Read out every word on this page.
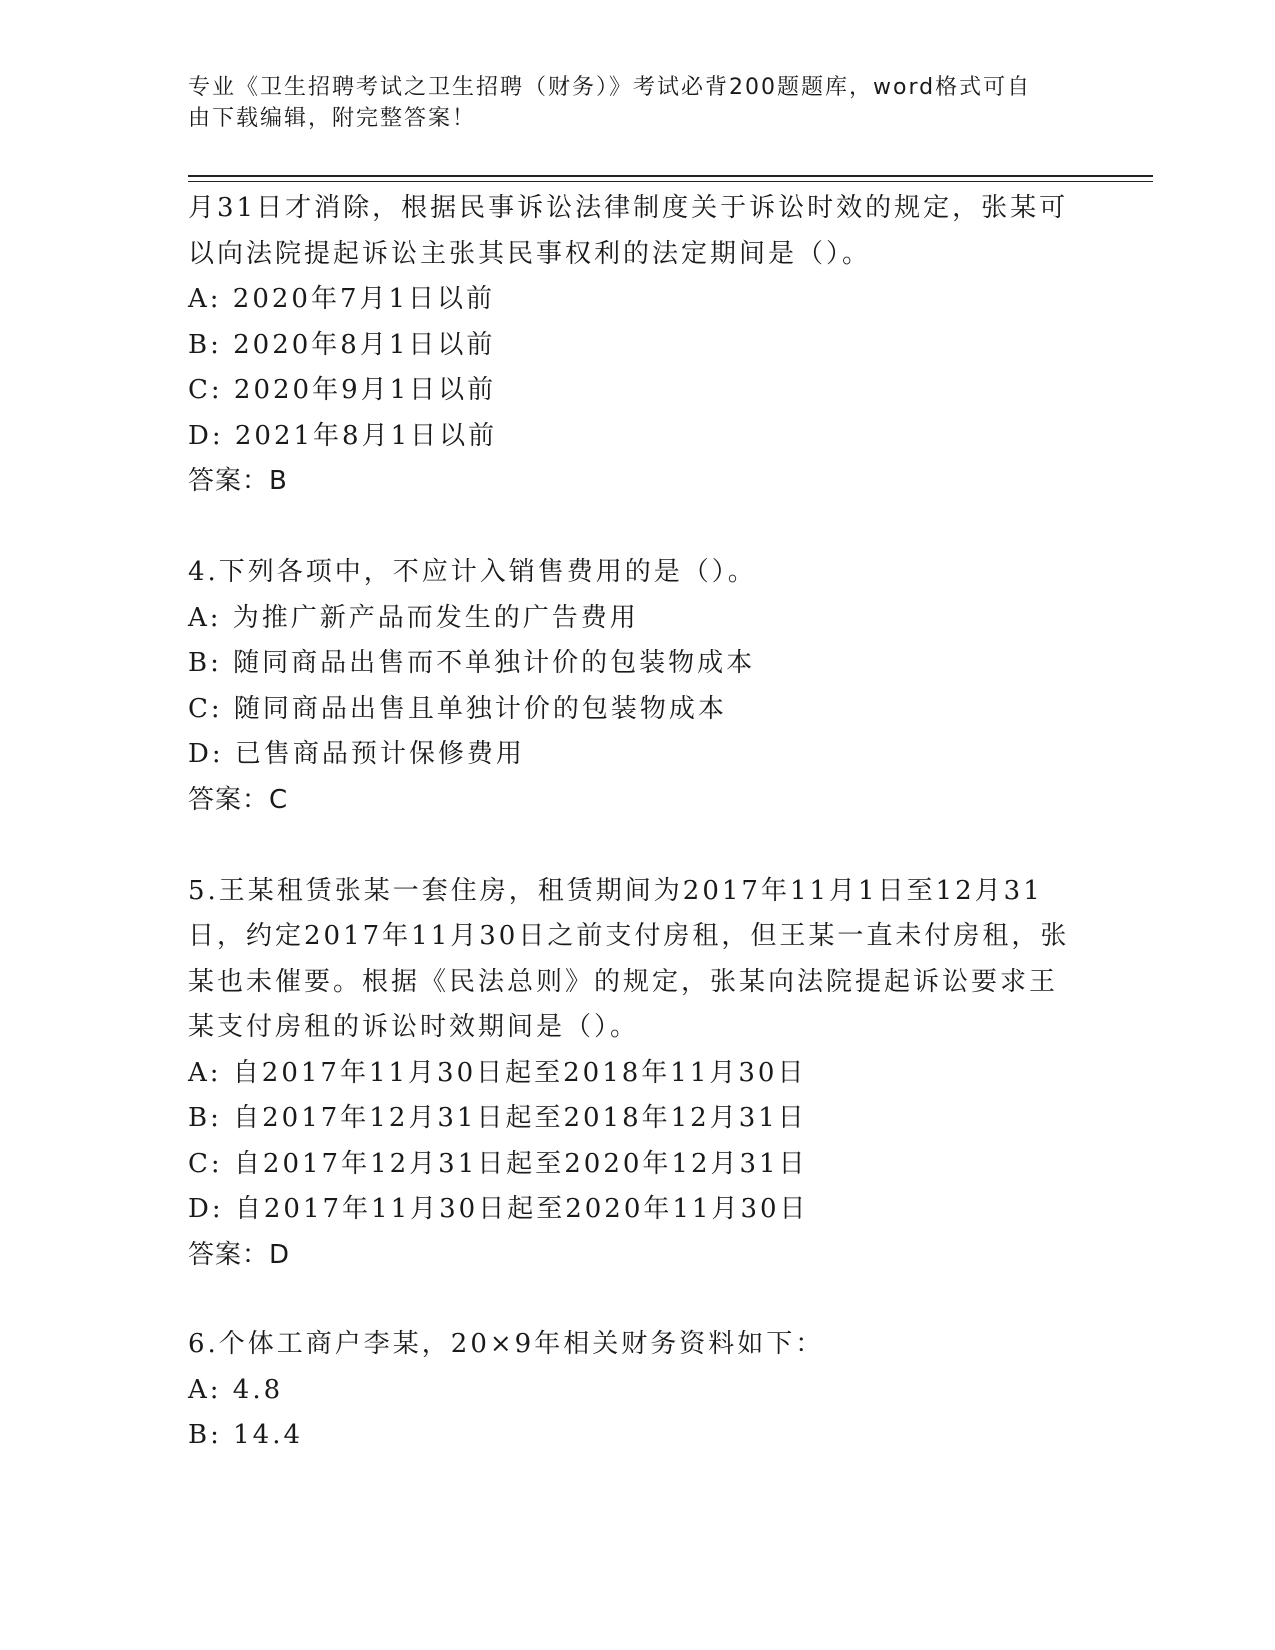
专业《卫生招聘考试之卫生招聘（财务）》考试必背200题题库，word格式可自
由下载编辑，附完整答案！
月31日才消除，根据民事诉讼法律制度关于诉讼时效的规定，张某可
以向法院提起诉讼主张其民事权利的法定期间是（）。
A: 2020年7月1日以前
B: 2020年8月1日以前
C: 2020年9月1日以前
D: 2021年8月1日以前
答案：B
4.下列各项中，不应计入销售费用的是（）。
A: 为推广新产品而发生的广告费用
B: 随同商品出售而不单独计价的包装物成本
C: 随同商品出售且单独计价的包装物成本
D: 已售商品预计保修费用
答案：C
5.王某租赁张某一套住房，租赁期间为2017年11月1日至12月31
日，约定2017年11月30日之前支付房租，但王某一直未付房租，张
某也未催要。根据《民法总则》的规定，张某向法院提起诉讼要求王
某支付房租的诉讼时效期间是（）。
A: 自2017年11月30日起至2018年11月30日
B: 自2017年12月31日起至2018年12月31日
C: 自2017年12月31日起至2020年12月31日
D: 自2017年11月30日起至2020年11月30日
答案：D
6.个体工商户李某，20×9年相关财务资料如下：
A: 4.8
B: 14.4
